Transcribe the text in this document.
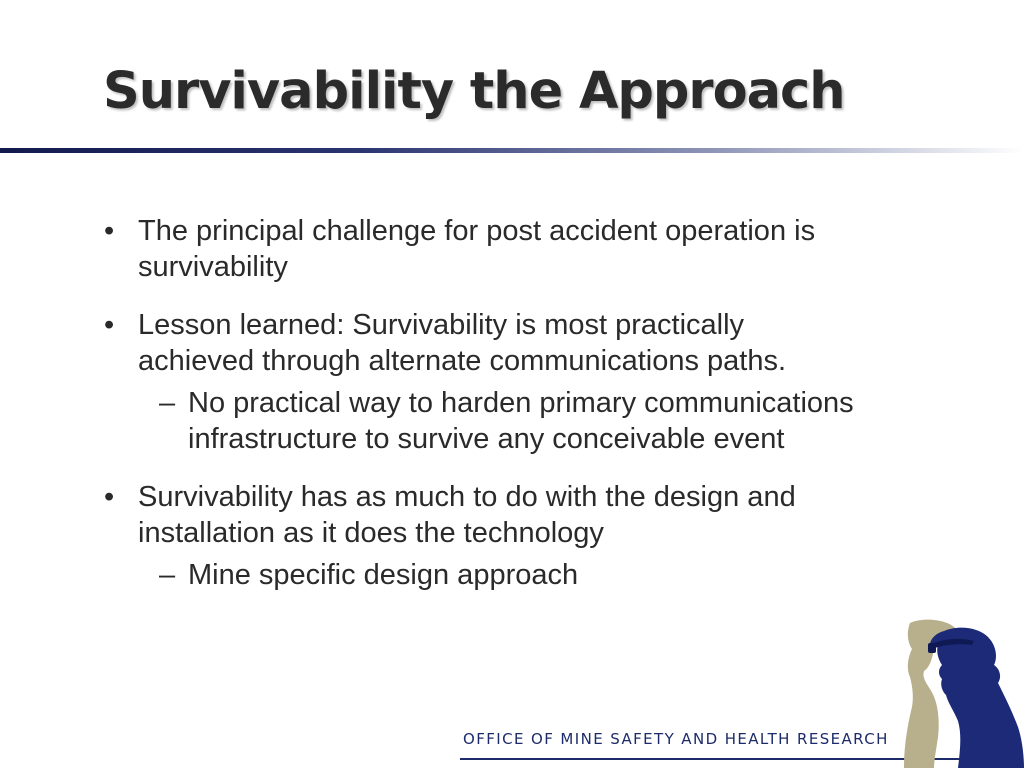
Survivability the Approach
• The principal challenge for post accident operation is
survivability
• Lesson learned: Survivability is most practically
achieved through alternate communications paths.
– No practical way to harden primary communications
infrastructure to survive any conceivable event
• Survivability has as much to do with the design and
installation as it does the technology
– Mine specific design approach
OFFICE OF MINE SAFETY AND HEALTH RESEARCH
